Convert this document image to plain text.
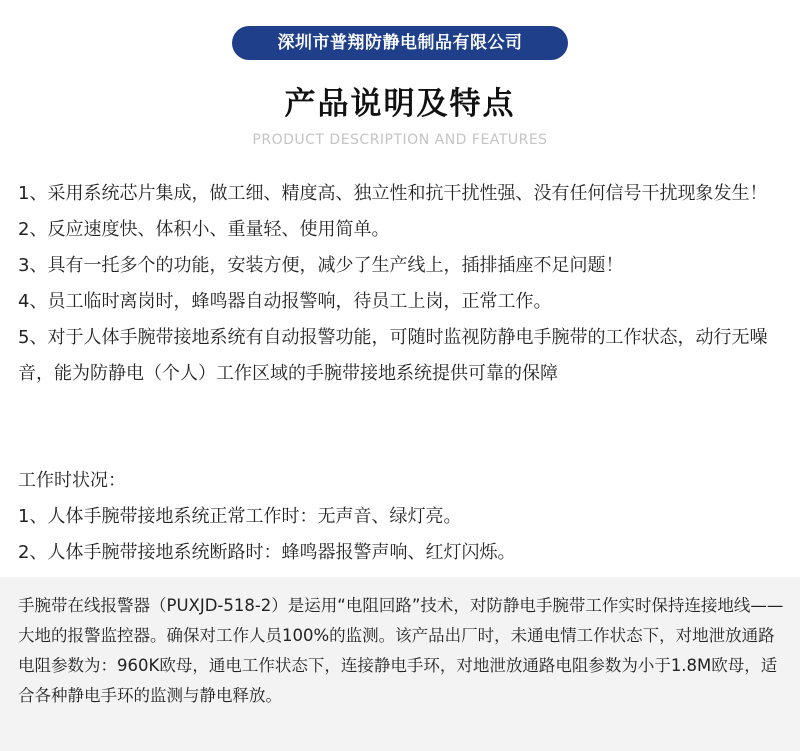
深圳市普翔防静电制品有限公司
产品说明及特点
PRODUCT DESCRIPTION AND FEATURES

1、采用系统芯片集成，做工细、精度高、独立性和抗干扰性强、没有任何信号干扰现象发生！

2、反应速度快、体积小、重量轻、使用简单。

3、具有一托多个的功能，安装方便，减少了生产线上，插排插座不足问题！

4、员工临时离岗时，蜂鸣器自动报警响，待员工上岗，正常工作。

5、对于人体手腕带接地系统有自动报警功能，可随时监视防静电手腕带的工作状态，动行无噪音，能为防静电（个人）工作区域的手腕带接地系统提供可靠的保障

工作时状况：

1、人体手腕带接地系统正常工作时：无声音、绿灯亮。

2、人体手腕带接地系统断路时：蜂鸣器报警声响、红灯闪烁。

手腕带在线报警器（PUXJD-518-2）是运用“电阻回路”技术，对防静电手腕带工作实时保持连接地线——大地的报警监控器。确保对工作人员100%的监测。该产品出厂时，未通电情工作状态下，对地泄放通路电阻参数为：960K欧母，通电工作状态下，连接静电手环，对地泄放通路电阻参数为小于1.8M欧母，适合各种静电手环的监测与静电释放。
